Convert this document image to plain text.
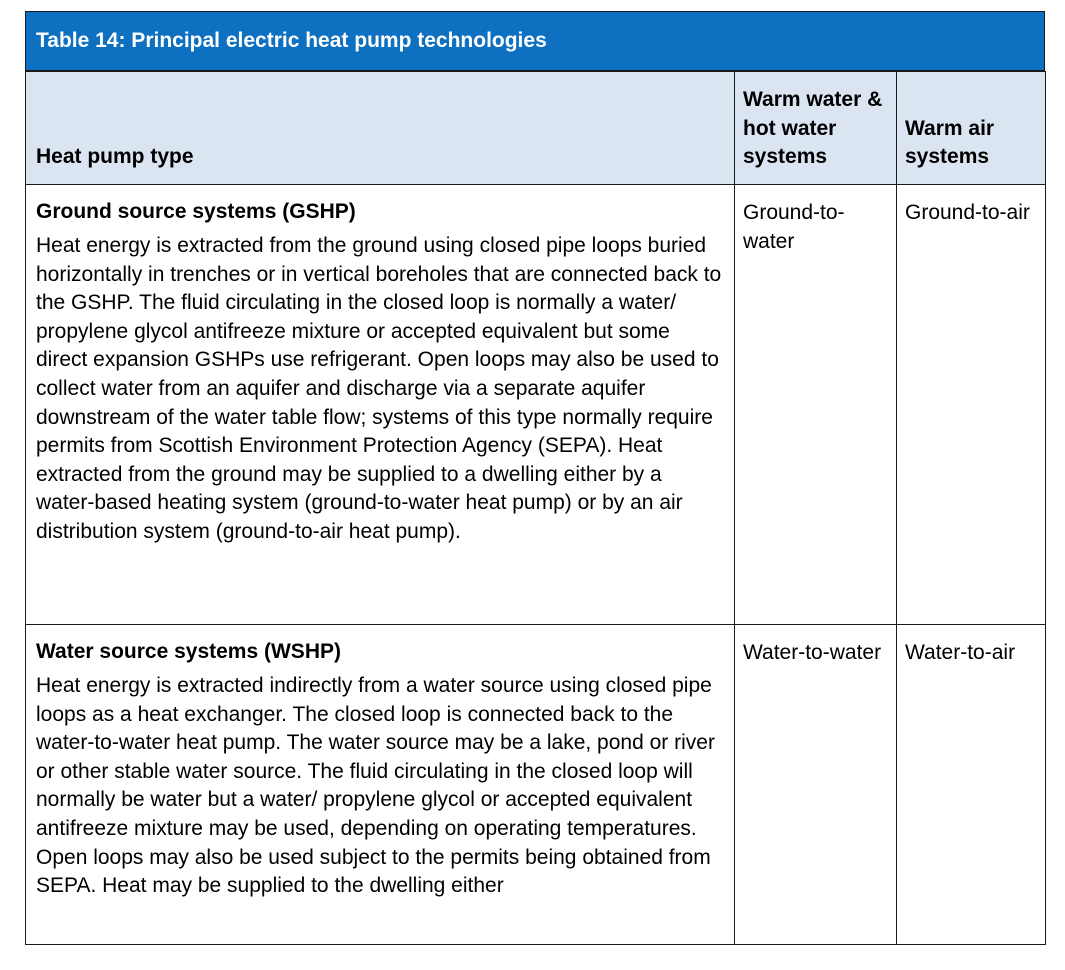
Table 14: Principal electric heat pump technologies
Heat pump type	Warm water & hot water systems	Warm air systems

Ground source systems (GSHP)

Heat energy is extracted from the ground using closed pipe loops buried horizontally in trenches or in vertical boreholes that are connected back to the GSHP. The fluid circulating in the closed loop is normally a water/ propylene glycol antifreeze mixture or accepted equivalent but some direct expansion GSHPs use refrigerant. Open loops may also be used to collect water from an aquifer and discharge via a separate aquifer downstream of the water table flow; systems of this type normally require permits from Scottish Environment Protection Agency (SEPA). Heat extracted from the ground may be supplied to a dwelling either by a water-based heating system (ground-to-water heat pump) or by an air distribution system (ground-to-air heat pump).	Ground-to-water	Ground-to-air

Water source systems (WSHP)

Heat energy is extracted indirectly from a water source using closed pipe loops as a heat exchanger. The closed loop is connected back to the water-to-water heat pump. The water source may be a lake, pond or river or other stable water source. The fluid circulating in the closed loop will normally be water but a water/ propylene glycol or accepted equivalent antifreeze mixture may be used, depending on operating temperatures. Open loops may also be used subject to the permits being obtained from SEPA. Heat may be supplied to the dwelling either	Water-to-water	Water-to-air
